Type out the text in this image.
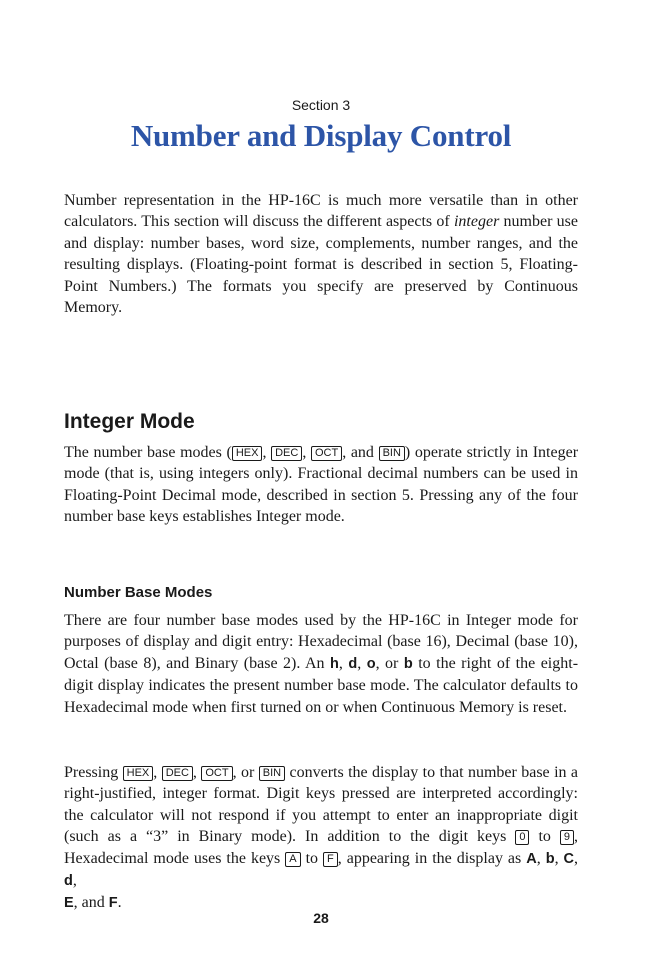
Section 3
Number and Display Control

Number representation in the HP-16C is much more versatile than in other calculators. This section will discuss the different aspects of integer number use and display: number bases, word size, complements, number ranges, and the resulting displays. (Floating-point format is described in section 5, Floating-Point Numbers.) The formats you specify are preserved by Continuous Memory.

Integer Mode

The number base modes ( HEX , DEC , OCT , and BIN ) operate strictly in Integer mode (that is, using integers only). Fractional decimal numbers can be used in Floating-Point Decimal mode, described in section 5. Pressing any of the four number base keys establishes Integer mode.

Number Base Modes

There are four number base modes used by the HP-16C in Integer mode for purposes of display and digit entry: Hexadecimal (base 16), Decimal (base 10), Octal (base 8), and Binary (base 2). An h, d, o, or b to the right of the eight-digit display indicates the present number base mode. The calculator defaults to Hexadecimal mode when first turned on or when Continuous Memory is reset.

Pressing HEX , DEC , OCT , or BIN converts the display to that number base in a right-justified, integer format. Digit keys pressed are interpreted accordingly: the calculator will not respond if you attempt to enter an inappropriate digit (such as a “3” in Binary mode). In addition to the digit keys 0 to 9 , Hexadecimal mode uses the keys A to F , appearing in the display as A, b, C, d,
E, and F.

28
